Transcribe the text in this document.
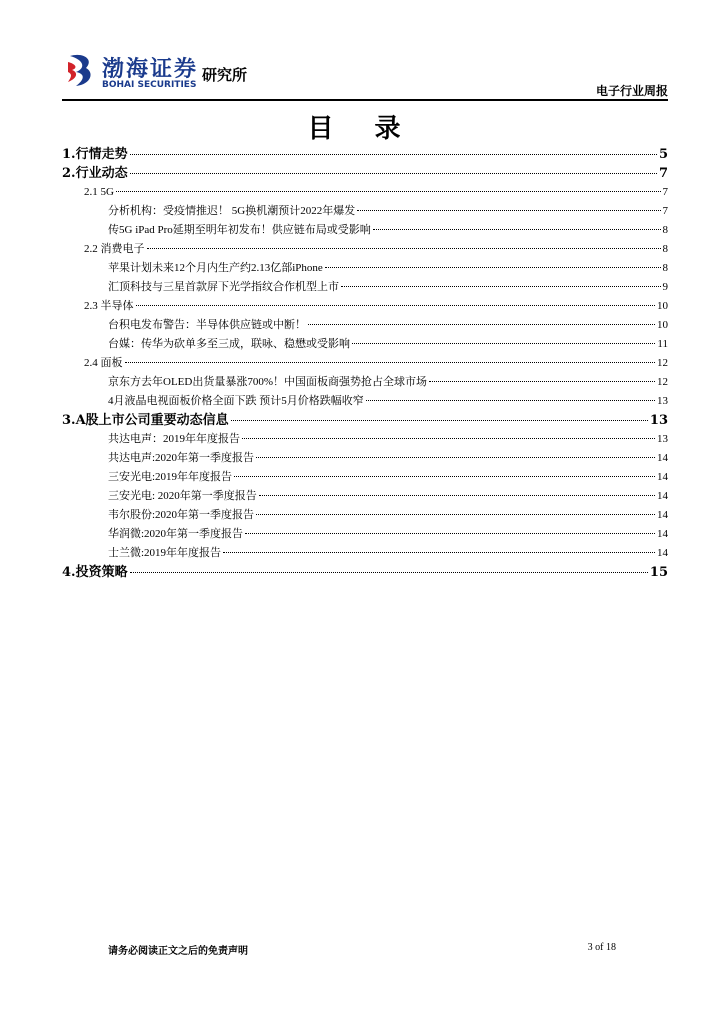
渤海证券
BOHAI SECURITIES
研究所
电子行业周报
目 录
1.行情走势	5
2.行业动态	7
2.1 5G	7
分析机构：受疫情推迟！ 5G换机潮预计2022年爆发	7
传5G iPad Pro延期至明年初发布！供应链布局或受影响	8
2.2 消费电子	8
苹果计划未来12个月内生产约2.13亿部iPhone	8
汇顶科技与三星首款屏下光学指纹合作机型上市	9
2.3 半导体	10
台积电发布警告：半导体供应链或中断！	10
台媒：传华为砍单多至三成，联咏、稳懋或受影响	11
2.4 面板	12
京东方去年OLED出货量暴涨700%！中国面板商强势抢占全球市场	12
4月液晶电视面板价格全面下跌 预计5月价格跌幅收窄	13
3.A股上市公司重要动态信息	13
共达电声：2019年年度报告	13
共达电声:2020年第一季度报告	14
三安光电:2019年年度报告	14
三安光电: 2020年第一季度报告	14
韦尔股份:2020年第一季度报告	14
华润微:2020年第一季度报告	14
士兰微:2019年年度报告	14
4.投资策略	15
请务必阅读正文之后的免责声明	3 of 18
